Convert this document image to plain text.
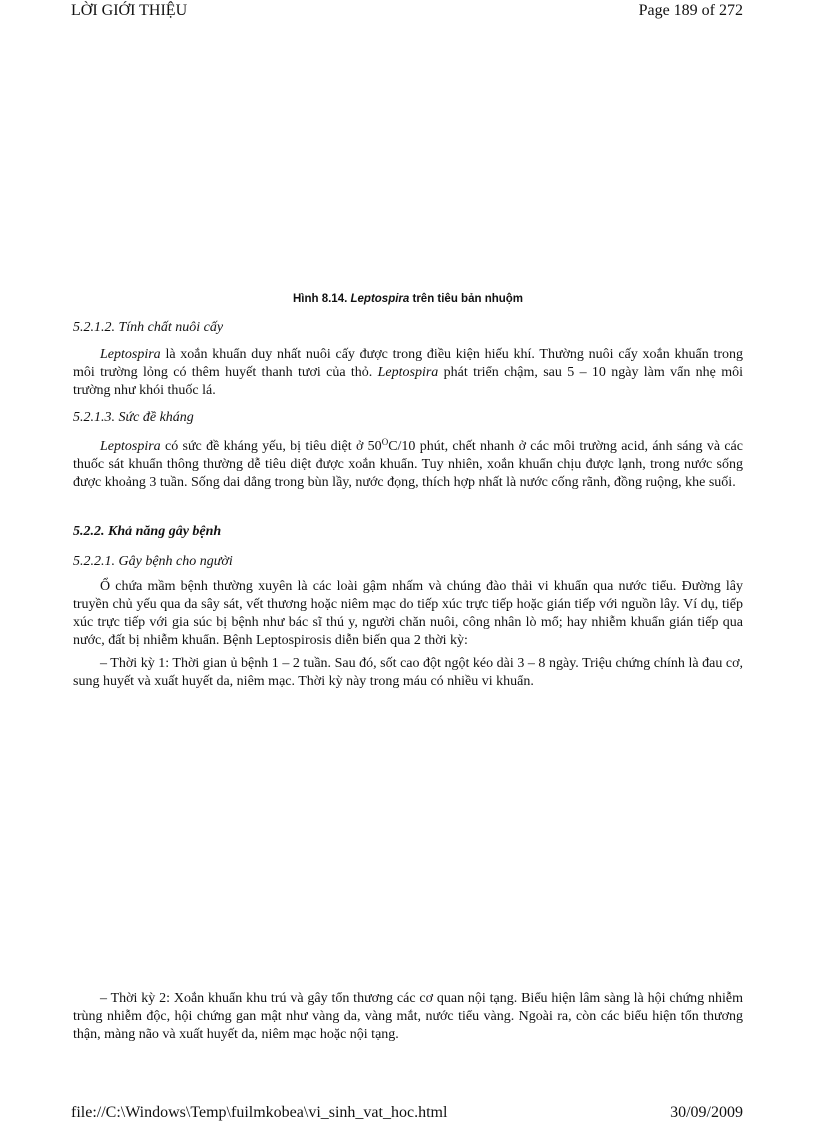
LỜI GIỚI THIỆU	Page 189 of 272
Hình 8.14. Leptospira trên tiêu bản nhuộm
5.2.1.2. Tính chất nuôi cấy

Leptospira là xoắn khuẩn duy nhất nuôi cấy được trong điều kiện hiếu khí. Thường nuôi cấy xoắn khuẩn trong môi trường lỏng có thêm huyết thanh tươi của thỏ. Leptospira phát triển chậm, sau 5 – 10 ngày làm vẩn nhẹ môi trường như khói thuốc lá.

5.2.1.3. Sức đề kháng

Leptospira có sức đề kháng yếu, bị tiêu diệt ở $50^OC/10$ phút, chết nhanh ở các môi trường acid, ánh sáng và các thuốc sát khuẩn thông thường dễ tiêu diệt được xoắn khuẩn. Tuy nhiên, xoắn khuẩn chịu được lạnh, trong nước sống được khoảng 3 tuần. Sống dai dẳng trong bùn lầy, nước đọng, thích hợp nhất là nước cống rãnh, đồng ruộng, khe suối.

5.2.2. Khả năng gây bệnh
5.2.2.1. Gây bệnh cho người

Ổ chứa mầm bệnh thường xuyên là các loài gậm nhấm và chúng đào thải vi khuẩn qua nước tiểu. Đường lây truyền chủ yếu qua da sây sát, vết thương hoặc niêm mạc do tiếp xúc trực tiếp hoặc gián tiếp với nguồn lây. Ví dụ, tiếp xúc trực tiếp với gia súc bị bệnh như bác sĩ thú y, người chăn nuôi, công nhân lò mổ; hay nhiễm khuẩn gián tiếp qua nước, đất bị nhiễm khuẩn. Bệnh Leptospirosis diễn biến qua 2 thời kỳ:

– Thời kỳ 1: Thời gian ủ bệnh 1 – 2 tuần. Sau đó, sốt cao đột ngột kéo dài 3 – 8 ngày. Triệu chứng chính là đau cơ, sung huyết và xuất huyết da, niêm mạc. Thời kỳ này trong máu có nhiều vi khuẩn.

– Thời kỳ 2: Xoắn khuẩn khu trú và gây tổn thương các cơ quan nội tạng. Biểu hiện lâm sàng là hội chứng nhiễm trùng nhiễm độc, hội chứng gan mật như vàng da, vàng mắt, nước tiểu vàng. Ngoài ra, còn các biểu hiện tổn thương thận, màng não và xuất huyết da, niêm mạc hoặc nội tạng.

file://C:\Windows\Temp\fuilmkobea\vi_sinh_vat_hoc.html	30/09/2009
